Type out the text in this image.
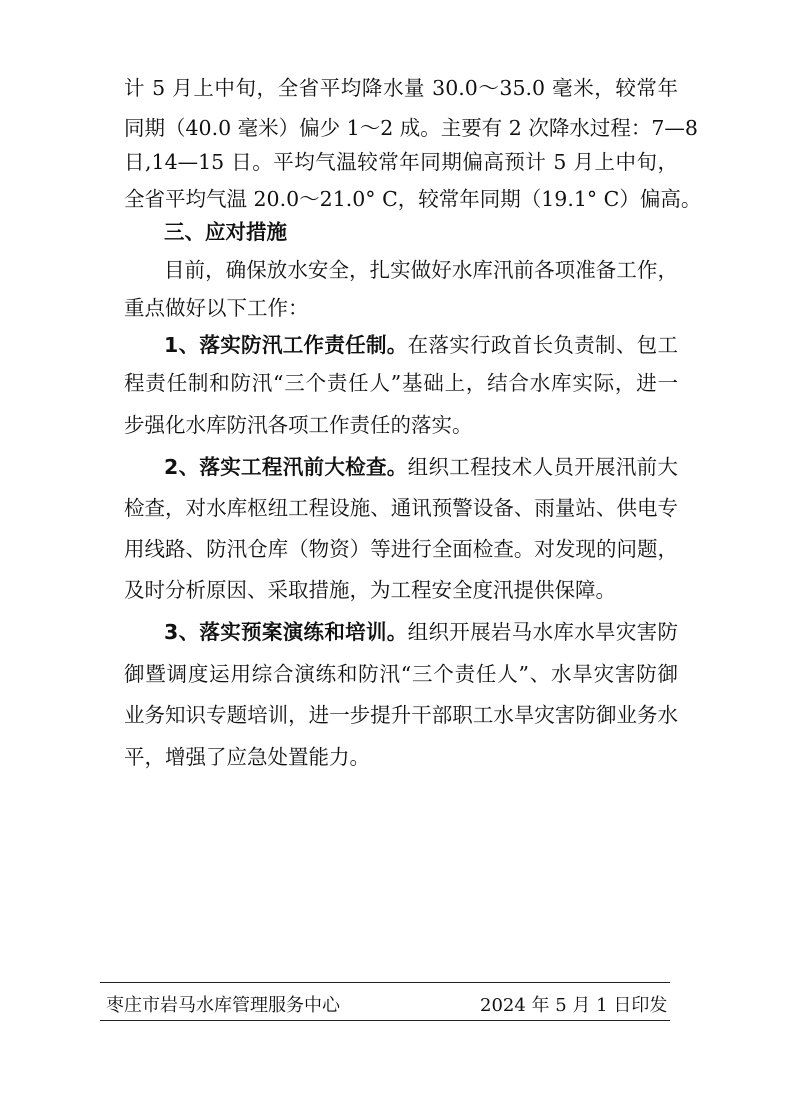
计 5 月上中旬，全省平均降水量 30.0～35.0 毫米，较常年
同期（40.0 毫米）偏少 1～2 成。主要有 2 次降水过程：7—8
日,14—15 日。平均气温较常年同期偏高预计 5 月上中旬，
全省平均气温 20.0～21.0° C，较常年同期（19.1° C）偏高。
三、应对措施
目前，确保放水安全，扎实做好水库汛前各项准备工作，
重点做好以下工作：
1、落实防汛工作责任制。在落实行政首长负责制、包工
程责任制和防汛“三个责任人”基础上，结合水库实际，进一
步强化水库防汛各项工作责任的落实。
2、落实工程汛前大检查。组织工程技术人员开展汛前大
检查，对水库枢纽工程设施、通讯预警设备、雨量站、供电专
用线路、防汛仓库（物资）等进行全面检查。对发现的问题，
及时分析原因、采取措施，为工程安全度汛提供保障。
3、落实预案演练和培训。组织开展岩马水库水旱灾害防
御暨调度运用综合演练和防汛“三个责任人”、水旱灾害防御
业务知识专题培训，进一步提升干部职工水旱灾害防御业务水
平，增强了应急处置能力。
枣庄市岩马水库管理服务中心	2024 年 5 月 1 日印发
